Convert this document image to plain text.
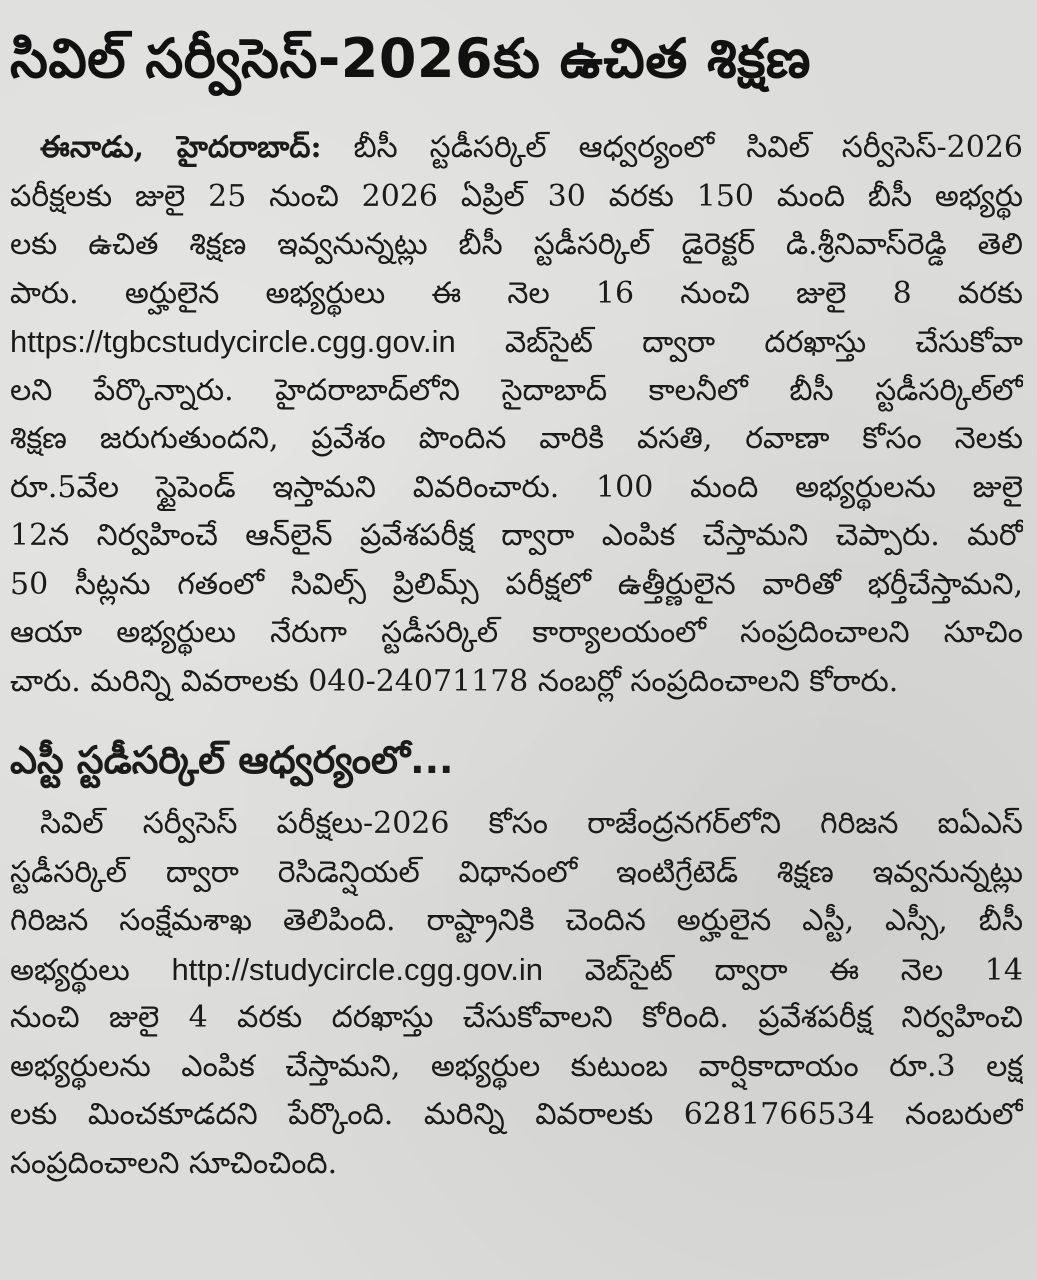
సివిల్ సర్వీసెస్-2026కు ఉచిత శిక్షణ
ఈనాడు, హైదరాబాద్: బీసీ స్టడీసర్కిల్ ఆధ్వర్యంలో సివిల్ సర్వీసెస్-2026
పరీక్షలకు జులై 25 నుంచి 2026 ఏప్రిల్ 30 వరకు 150 మంది బీసీ అభ్యర్థు
లకు ఉచిత శిక్షణ ఇవ్వనున్నట్లు బీసీ స్టడీసర్కిల్ డైరెక్టర్ డి.శ్రీనివాస్‌రెడ్డి తెలి
పారు. అర్హులైన అభ్యర్థులు ఈ నెల 16 నుంచి జులై 8 వరకు
https://tgbcstudycircle.cgg.gov.in వెబ్‌సైట్ ద్వారా దరఖాస్తు చేసుకోవా
లని పేర్కొన్నారు. హైదరాబాద్‌లోని సైదాబాద్ కాలనీలో బీసీ స్టడీసర్కిల్‌లో
శిక్షణ జరుగుతుందని, ప్రవేశం పొందిన వారికి వసతి, రవాణా కోసం నెలకు
రూ.5వేల స్టైపెండ్ ఇస్తామని వివరించారు. 100 మంది అభ్యర్థులను జులై
12న నిర్వహించే ఆన్‌లైన్ ప్రవేశపరీక్ష ద్వారా ఎంపిక చేస్తామని చెప్పారు. మరో
50 సీట్లను గతంలో సివిల్స్ ప్రిలిమ్స్ పరీక్షలో ఉత్తీర్ణులైన వారితో భర్తీచేస్తామని,
ఆయా అభ్యర్థులు నేరుగా స్టడీసర్కిల్ కార్యాలయంలో సంప్రదించాలని సూచిం
చారు. మరిన్ని వివరాలకు 040-24071178 నంబర్లో సంప్రదించాలని కోరారు.
ఎస్టీ స్టడీసర్కిల్ ఆధ్వర్యంలో...
సివిల్ సర్వీసెస్ పరీక్షలు-2026 కోసం రాజేంద్రనగర్‌లోని గిరిజన ఐఏఎస్
స్టడీసర్కిల్ ద్వారా రెసిడెన్షియల్ విధానంలో ఇంటిగ్రేటెడ్ శిక్షణ ఇవ్వనున్నట్లు
గిరిజన సంక్షేమశాఖ తెలిపింది. రాష్ట్రానికి చెందిన అర్హులైన ఎస్టీ, ఎస్సీ, బీసీ
అభ్యర్థులు http://studycircle.cgg.gov.in వెబ్‌సైట్ ద్వారా ఈ నెల 14
నుంచి జులై 4 వరకు దరఖాస్తు చేసుకోవాలని కోరింది. ప్రవేశపరీక్ష నిర్వహించి
అభ్యర్థులను ఎంపిక చేస్తామని, అభ్యర్థుల కుటుంబ వార్షికాదాయం రూ.3 లక్ష
లకు మించకూడదని పేర్కొంది. మరిన్ని వివరాలకు 6281766534 నంబరులో
సంప్రదించాలని సూచించింది.
